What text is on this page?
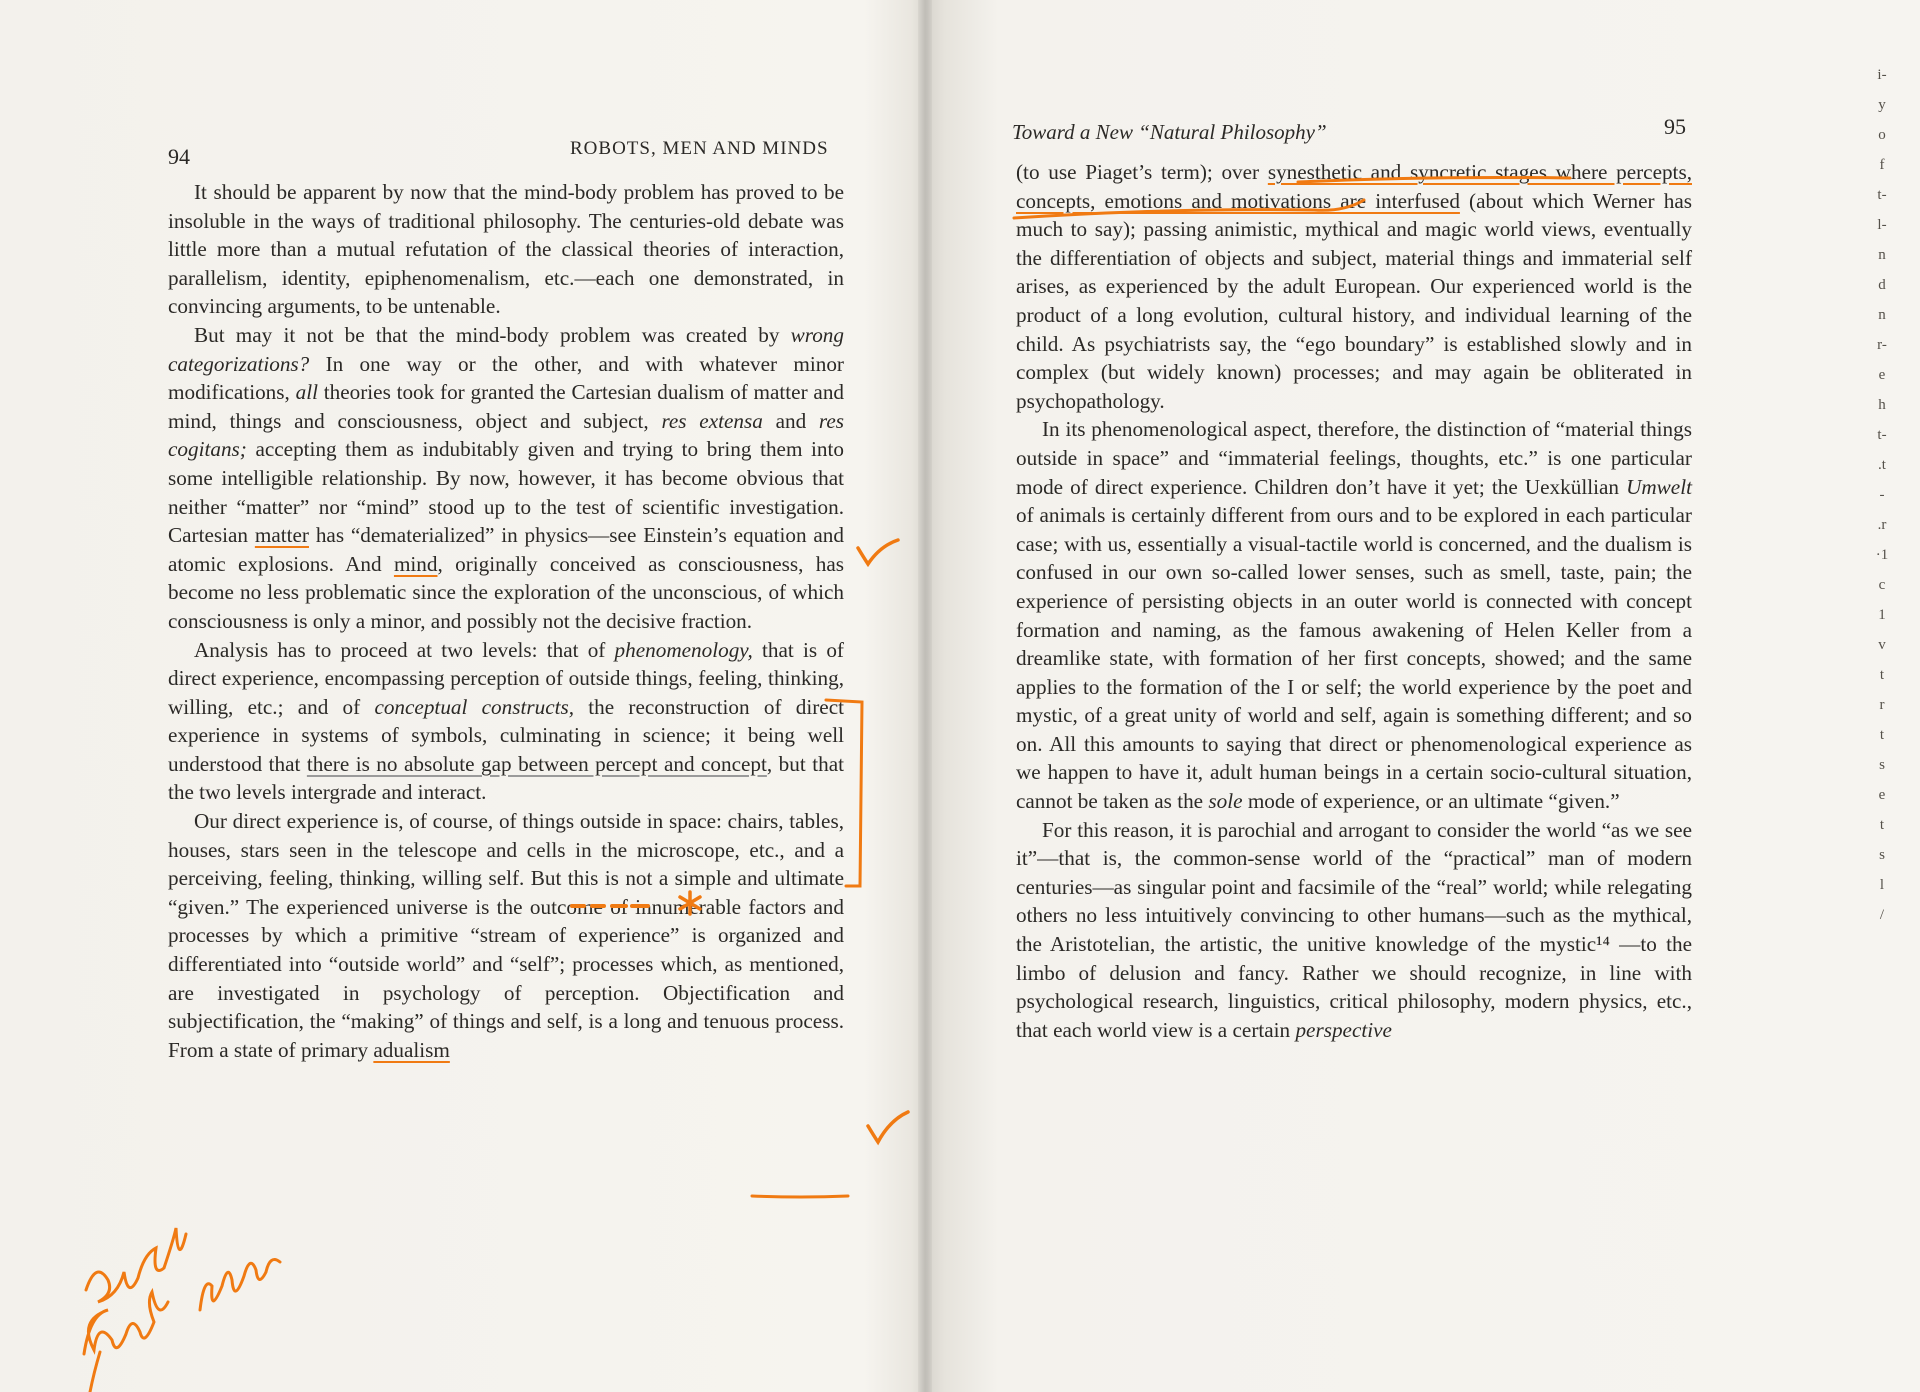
94	ROBOTS, MEN AND MINDS

It should be apparent by now that the mind-body problem has proved to be insoluble in the ways of traditional philosophy. The centuries-old debate was little more than a mutual refutation of the classical theories of interaction, parallelism, identity, epiphenomenalism, etc.—each one demonstrated, in convincing arguments, to be untenable.

But may it not be that the mind-body problem was created by wrong categorizations? In one way or the other, and with whatever minor modifications, all theories took for granted the Cartesian dualism of matter and mind, things and consciousness, object and subject, res extensa and res cogitans; accepting them as indubitably given and trying to bring them into some intelligible relationship. By now, however, it has become obvious that neither “matter” nor “mind” stood up to the test of scientific investigation. Cartesian matter has “dematerialized” in physics—see Einstein’s equation and atomic explosions. And mind, originally conceived as consciousness, has become no less problematic since the exploration of the unconscious, of which consciousness is only a minor, and possibly not the decisive fraction.

Analysis has to proceed at two levels: that of phenomenology, that is of direct experience, encompassing perception of outside things, feeling, thinking, willing, etc.; and of conceptual constructs, the reconstruction of direct experience in systems of symbols, culminating in science; it being well understood that there is no absolute gap between percept and concept, but that the two levels intergrade and interact.

Our direct experience is, of course, of things outside in space: chairs, tables, houses, stars seen in the telescope and cells in the microscope, etc., and a perceiving, feeling, thinking, willing self. But this is not a simple and ultimate “given.” The experienced universe is the outcome of innumerable factors and processes by which a primitive “stream of experience” is organized and differentiated into “outside world” and “self”; processes which, as mentioned, are investigated in psychology of perception. Objectification and subjectification, the “making” of things and self, is a long and tenuous process. From a state of primary adualism

95
Toward a New “Natural Philosophy”

(to use Piaget’s term); over synesthetic and syncretic stages where percepts, concepts, emotions and motivations are interfused (about which Werner has much to say); passing animistic, mythical and magic world views, eventually the differentiation of objects and subject, material things and immaterial self arises, as experienced by the adult European. Our experienced world is the product of a long evolution, cultural history, and individual learning of the child. As psychiatrists say, the “ego boundary” is established slowly and in complex (but widely known) processes; and may again be obliterated in psychopathology.

In its phenomenological aspect, therefore, the distinction of “material things outside in space” and “immaterial feelings, thoughts, etc.” is one particular mode of direct experience. Children don’t have it yet; the Uexküllian Umwelt of animals is certainly different from ours and to be explored in each particular case; with us, essentially a visual-tactile world is concerned, and the dualism is confused in our own so-called lower senses, such as smell, taste, pain; the experience of persisting objects in an outer world is connected with concept formation and naming, as the famous awakening of Helen Keller from a dreamlike state, with formation of her first concepts, showed; and the same applies to the formation of the I or self; the world experience by the poet and mystic, of a great unity of world and self, again is something different; and so on. All this amounts to saying that direct or phenomenological experience as we happen to have it, adult human beings in a certain socio-cultural situation, cannot be taken as the sole mode of experience, or an ultimate “given.”

For this reason, it is parochial and arrogant to consider the world “as we see it”—that is, the common-sense world of the “practical” man of modern centuries—as singular point and facsimile of the “real” world; while relegating others no less intuitively convincing to other humans—such as the mythical, the Aristotelian, the artistic, the unitive knowledge of the mystic¹⁴ —to the limbo of delusion and fancy. Rather we should recognize, in line with psychological research, linguistics, critical philosophy, modern physics, etc., that each world view is a certain perspective

i-
y
o
f
t-
l-
n
d
n
r-
e
h
t-
.t
-
.r
·1
c
1
v
t
r
t
s
e
t
s
l
/
